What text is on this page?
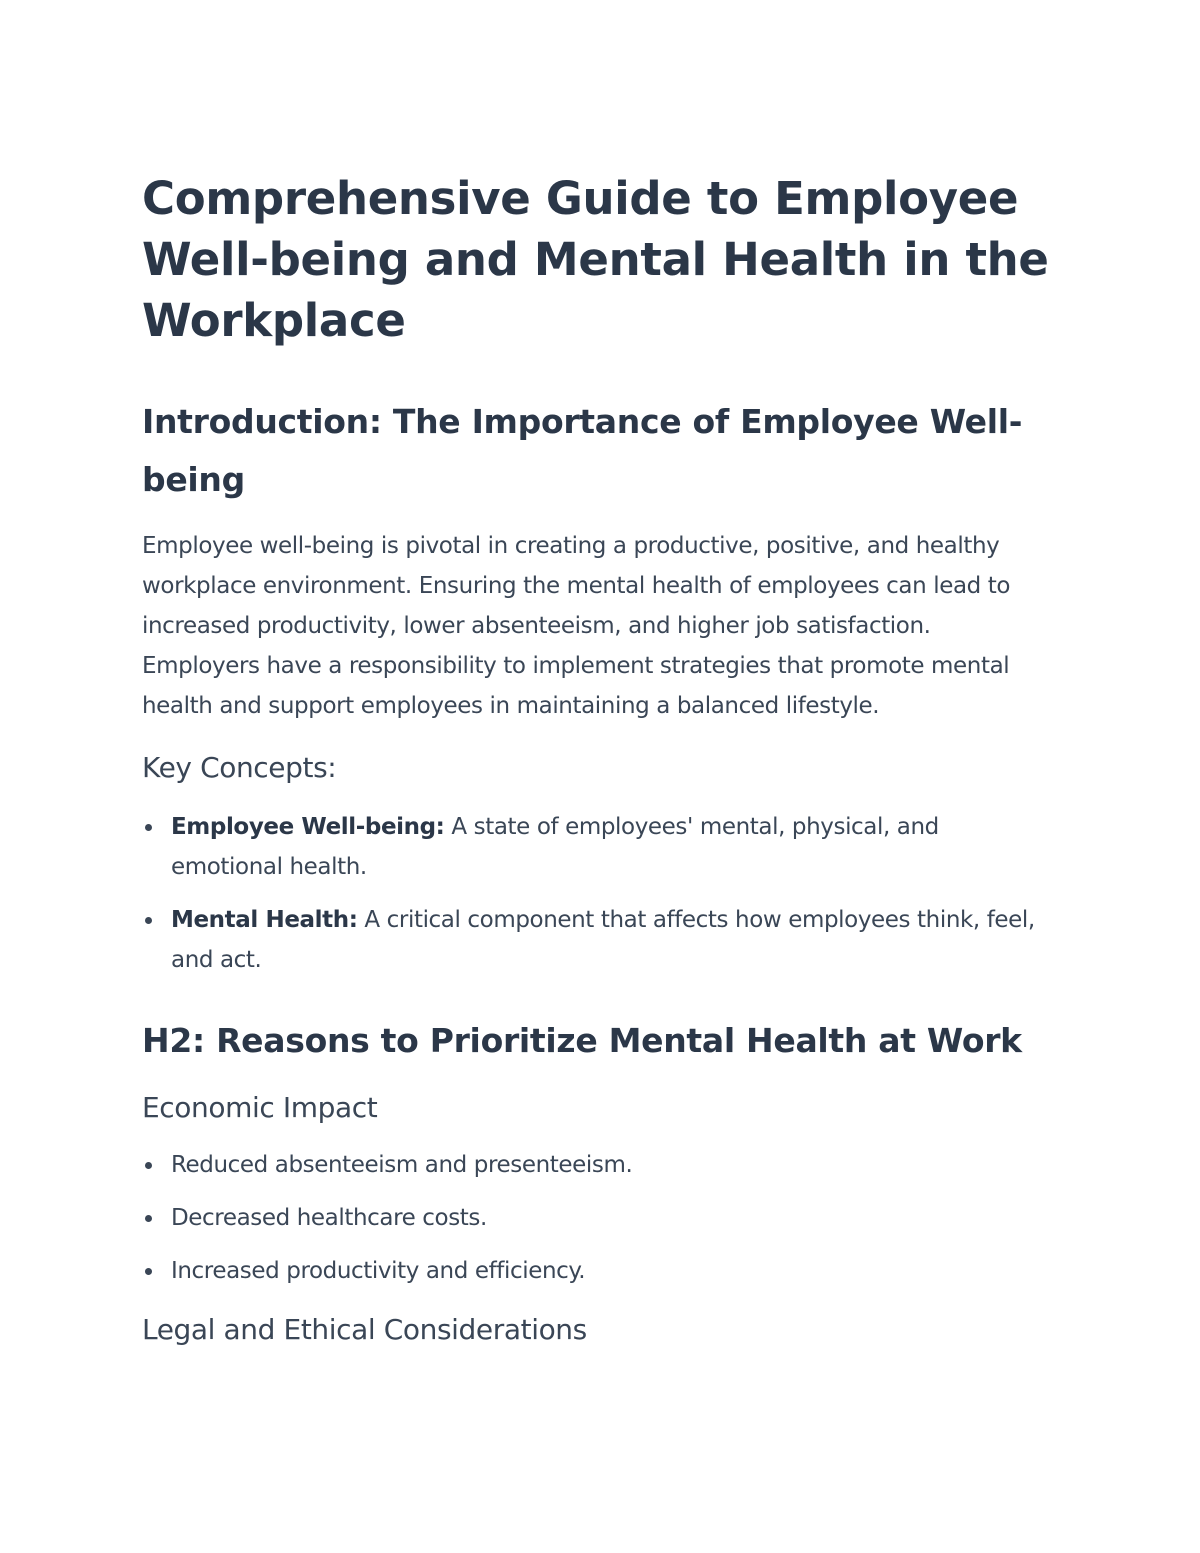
Comprehensive Guide to Employee Well-being and Mental Health in the Workplace
Introduction: The Importance of Employee Well-being

Employee well-being is pivotal in creating a productive, positive, and healthy workplace environment. Ensuring the mental health of employees can lead to increased productivity, lower absenteeism, and higher job satisfaction. Employers have a responsibility to implement strategies that promote mental health and support employees in maintaining a balanced lifestyle.

Key Concepts:
Employee Well-being: A state of employees' mental, physical, and emotional health.
Mental Health: A critical component that affects how employees think, feel, and act.
H2: Reasons to Prioritize Mental Health at Work
Economic Impact
Reduced absenteeism and presenteeism.
Decreased healthcare costs.
Increased productivity and efficiency.
Legal and Ethical Considerations
